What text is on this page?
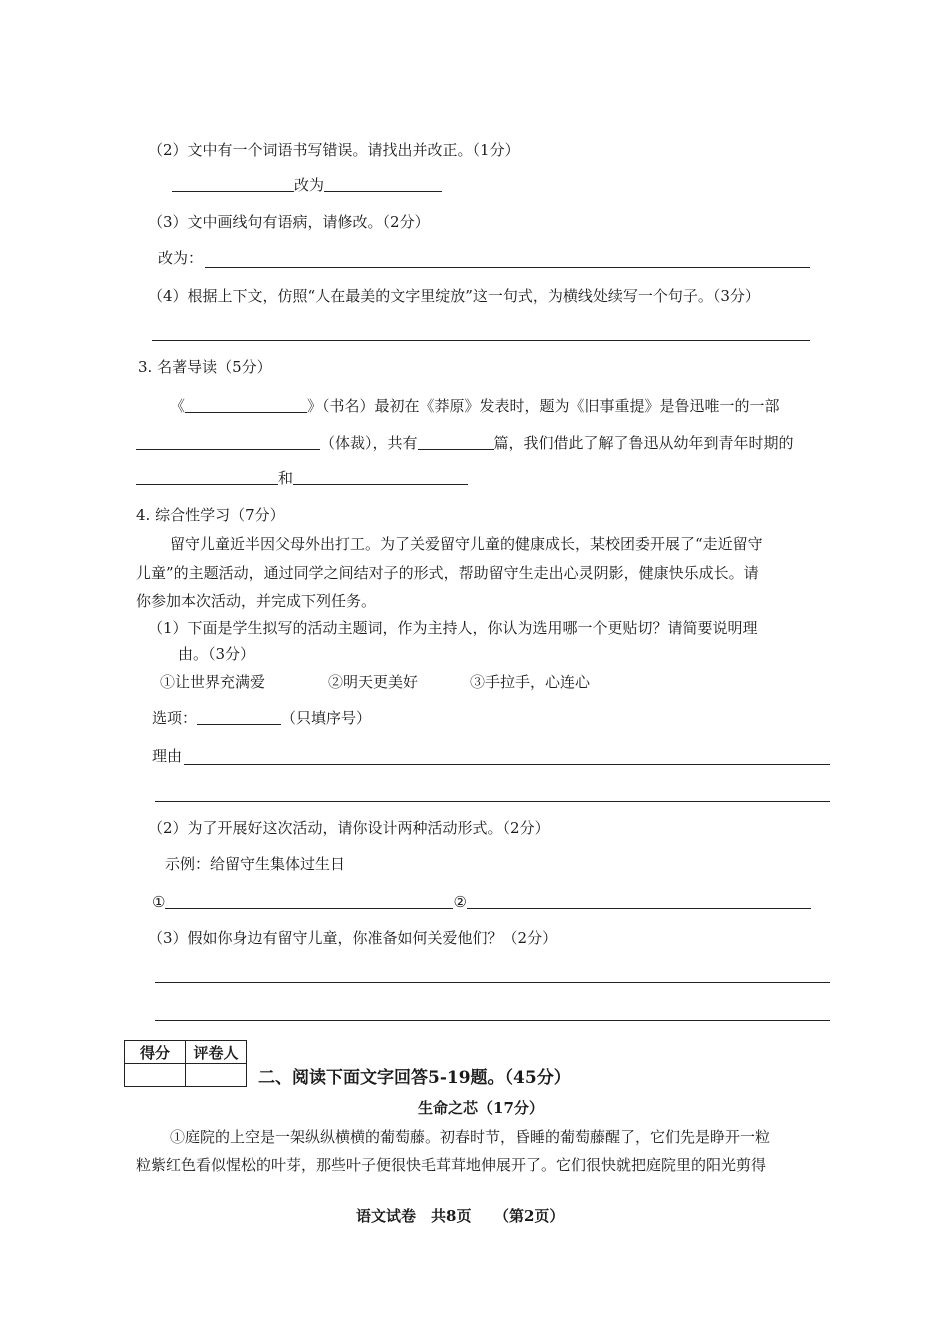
（2）文中有一个词语书写错误。请找出并改正。（1分）
改为
（3）文中画线句有语病，请修改。（2分）
改为：
（4）根据上下文，仿照“人在最美的文字里绽放”这一句式，为横线处续写一个句子。（3分）
3. 名著导读（5分）
《	》（书名）最初在《莽原》发表时，题为《旧事重提》是鲁迅唯一的一部
（体裁），共有	篇，我们借此了解了鲁迅从幼年到青年时期的
和
4. 综合性学习（7分）
留守儿童近半因父母外出打工。为了关爱留守儿童的健康成长，某校团委开展了“走近留守
儿童”的主题活动，通过同学之间结对子的形式，帮助留守生走出心灵阴影，健康快乐成长。请
你参加本次活动，并完成下列任务。
（1）下面是学生拟写的活动主题词，作为主持人，你认为选用哪一个更贴切？请简要说明理
由。（3分）
①让世界充满爱	②明天更美好	③手拉手，心连心
选项：	（只填序号）
理由
（2）为了开展好这次活动，请你设计两种活动形式。（2分）
示例：给留守生集体过生日
①	②
（3）假如你身边有留守儿童，你准备如何关爱他们？（2分）
得分	评卷人

二、阅读下面文字回答5-19题。（45分）
生命之芯（17分）
①庭院的上空是一架纵纵横横的葡萄藤。初春时节，昏睡的葡萄藤醒了，它们先是睁开一粒
粒紫红色看似惺松的叶芽，那些叶子便很快毛茸茸地伸展开了。它们很快就把庭院里的阳光剪得
语文试卷　共8页　　（第2页）
